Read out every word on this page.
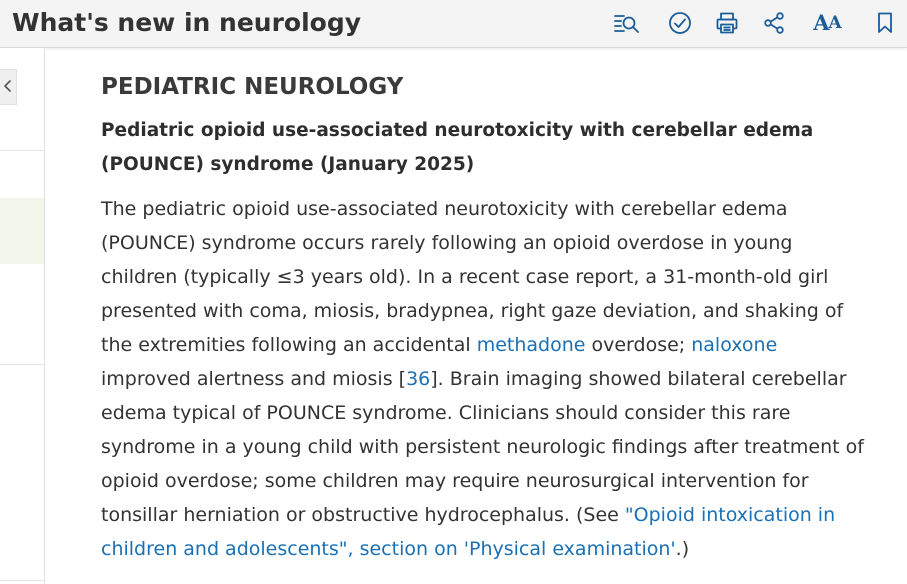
What's new in neurology	A A
PEDIATRIC NEUROLOGY
Pediatric opioid use-associated neurotoxicity with cerebellar edema (POUNCE) syndrome (January 2025)

The pediatric opioid use-associated neurotoxicity with cerebellar edema (POUNCE) syndrome occurs rarely following an opioid overdose in young children (typically ≤3 years old). In a recent case report, a 31-month-old girl presented with coma, miosis, bradypnea, right gaze deviation, and shaking of the extremities following an accidental methadone overdose; naloxone improved alertness and miosis [36]. Brain imaging showed bilateral cerebellar edema typical of POUNCE syndrome. Clinicians should consider this rare syndrome in a young child with persistent neurologic findings after treatment of opioid overdose; some children may require neurosurgical intervention for tonsillar herniation or obstructive hydrocephalus. (See "Opioid intoxication in children and adolescents", section on 'Physical examination'.)
